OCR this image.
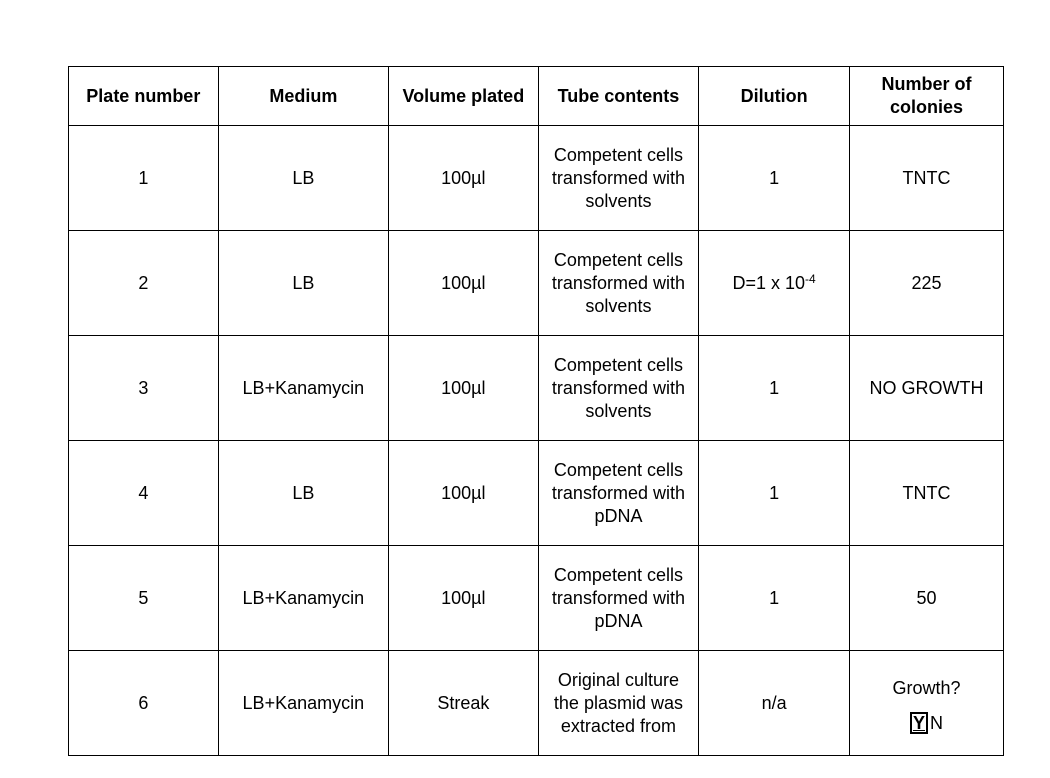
Plate number	Medium	Volume plated	Tube contents	Dilution	Number of colonies
1	LB	100µl	Competent cells transformed with solvents	1	TNTC
2	LB	100µl	Competent cells transformed with solvents	D=1 x $10^{-4}$	225
3	LB+Kanamycin	100µl	Competent cells transformed with solvents	1	NO GROWTH
4	LB	100µl	Competent cells transformed with pDNA	1	TNTC
5	LB+Kanamycin	100µl	Competent cells transformed with pDNA	1	50
6	LB+Kanamycin	Streak	Original culture the plasmid was extracted from	n/a	Growth?
Y N
